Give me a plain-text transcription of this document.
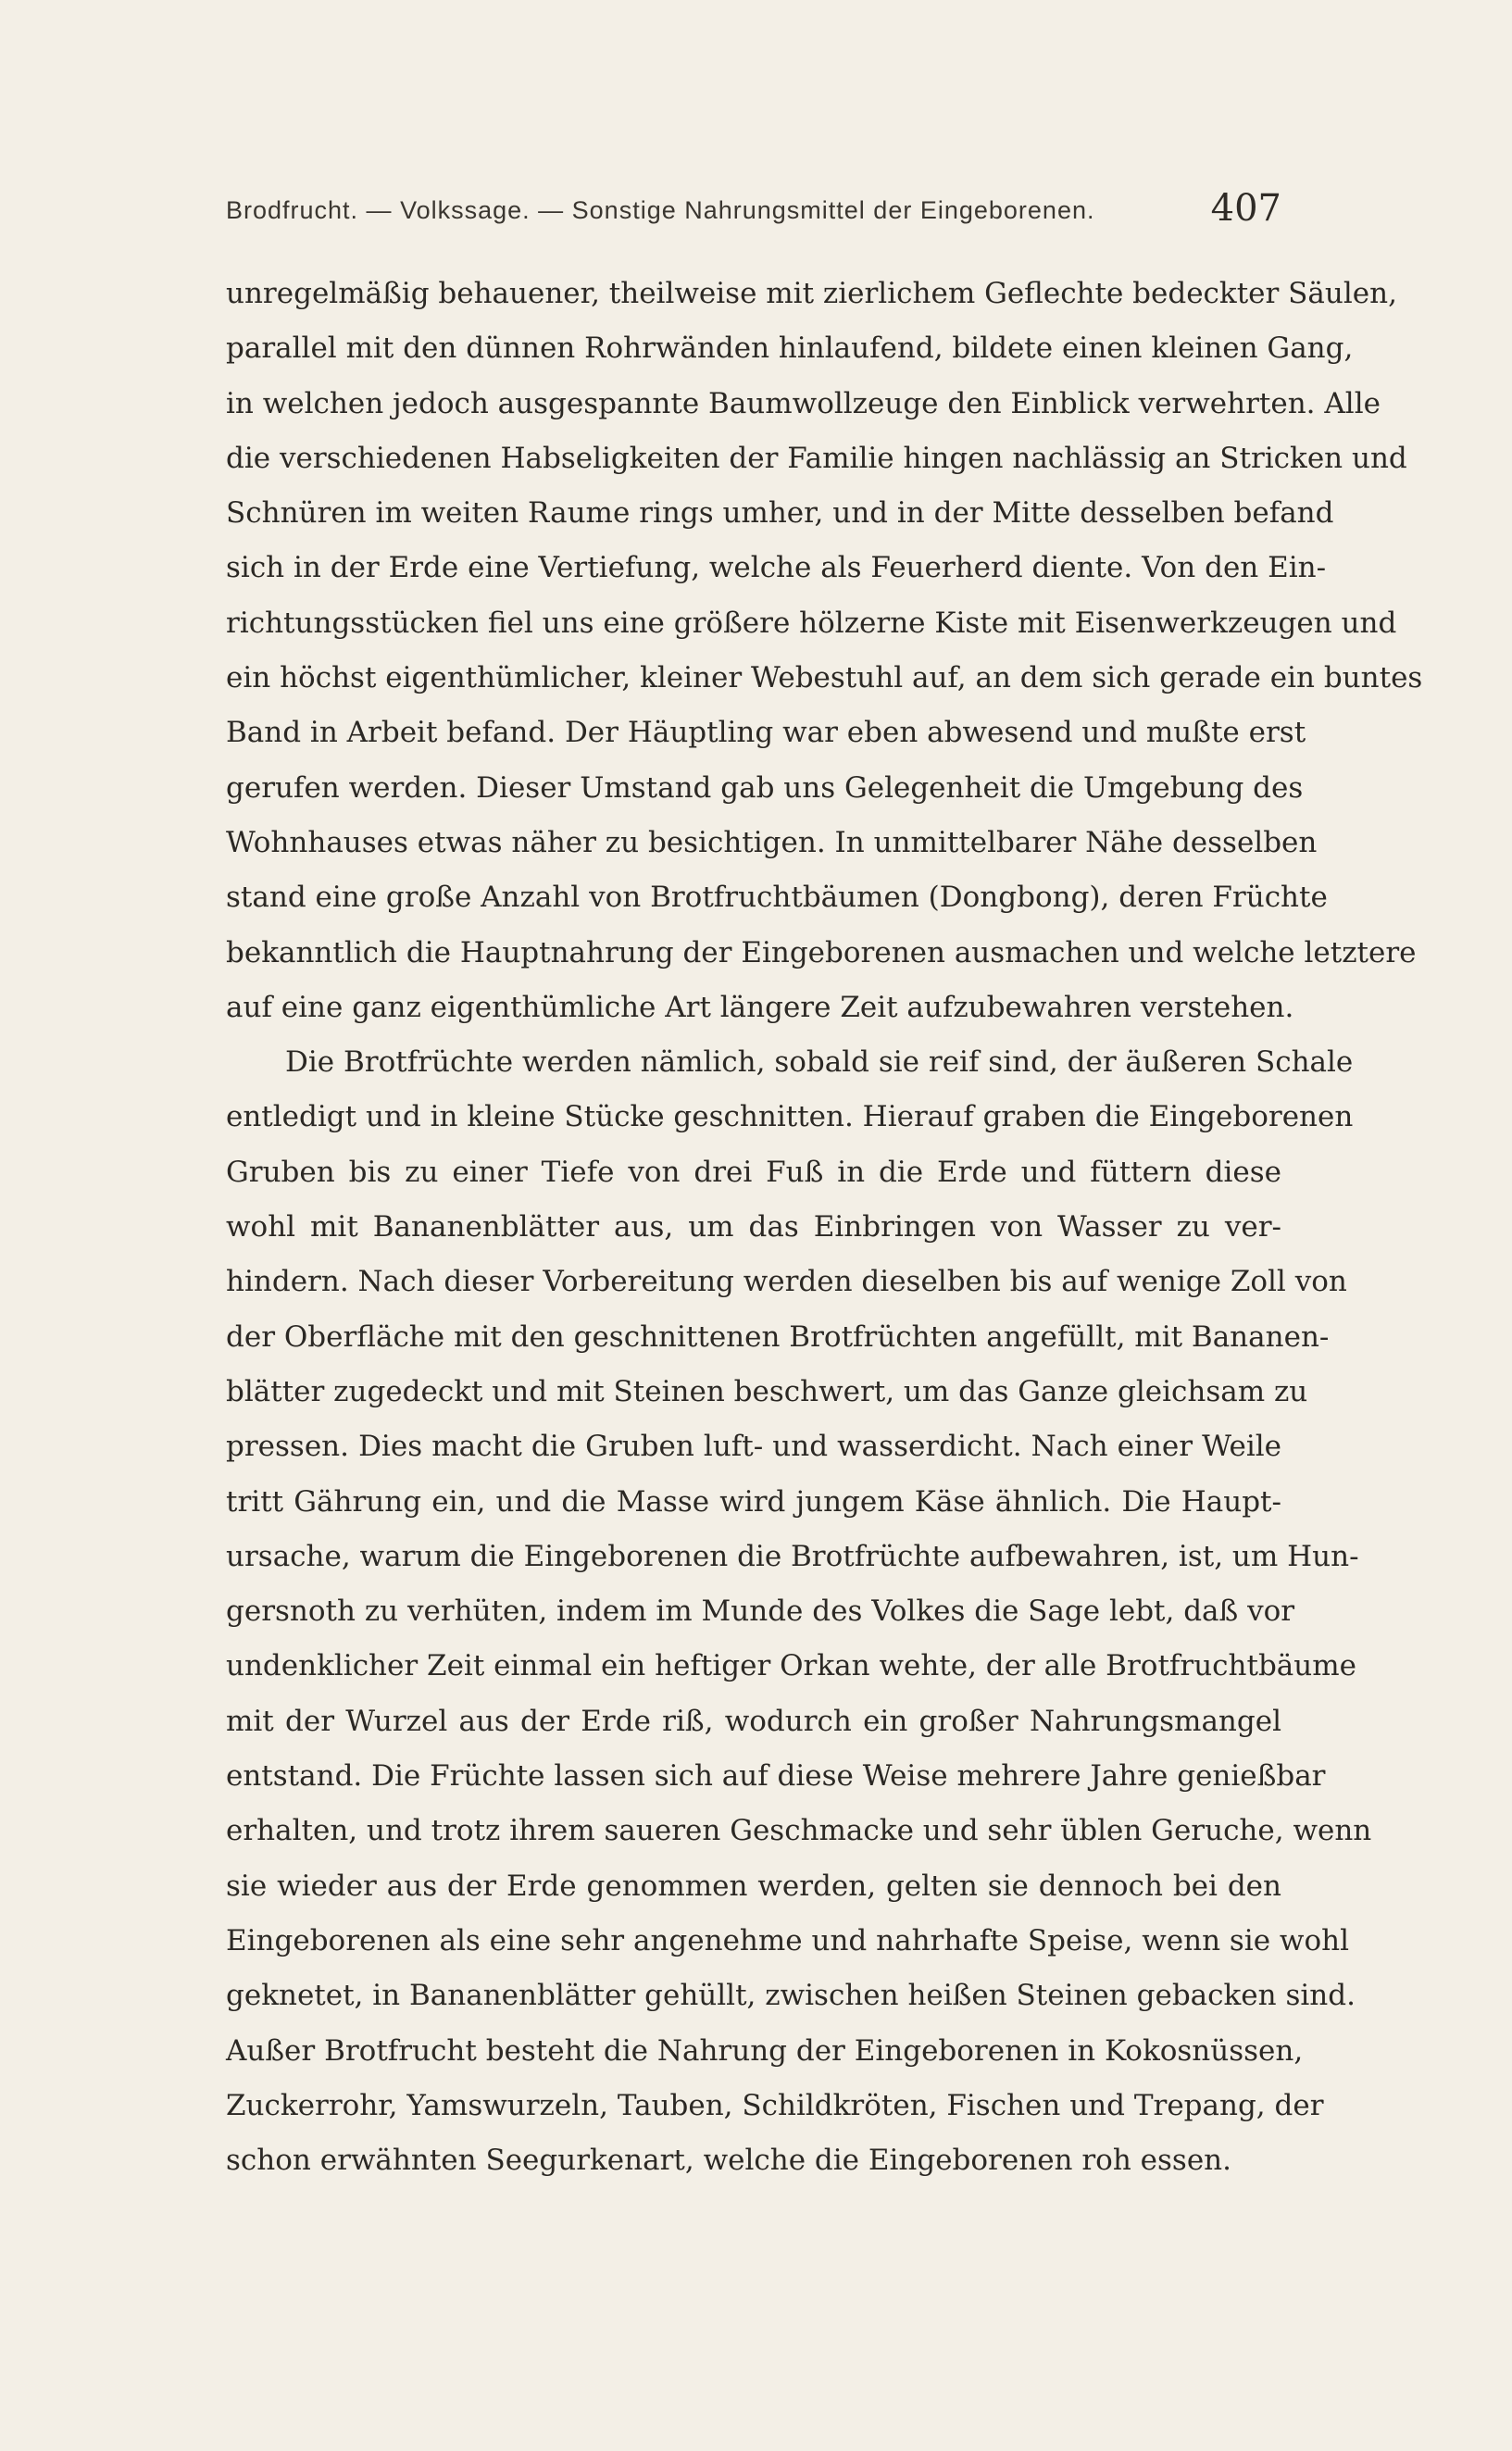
Brodfrucht. — Volkssage. — Sonstige Nahrungsmittel der Eingeborenen.	407
unregelmäßig behauener, theilweise mit zierlichem Geflechte bedeckter Säulen,
parallel mit den dünnen Rohrwänden hinlaufend, bildete einen kleinen Gang,
in welchen jedoch ausgespannte Baumwollzeuge den Einblick verwehrten. Alle
die verschiedenen Habseligkeiten der Familie hingen nachlässig an Stricken und
Schnüren im weiten Raume rings umher, und in der Mitte desselben befand
sich in der Erde eine Vertiefung, welche als Feuerherd diente. Von den Ein-
richtungsstücken fiel uns eine größere hölzerne Kiste mit Eisenwerkzeugen und
ein höchst eigenthümlicher, kleiner Webestuhl auf, an dem sich gerade ein buntes
Band in Arbeit befand. Der Häuptling war eben abwesend und mußte erst
gerufen werden. Dieser Umstand gab uns Gelegenheit die Umgebung des
Wohnhauses etwas näher zu besichtigen. In unmittelbarer Nähe desselben
stand eine große Anzahl von Brotfruchtbäumen (Dongbong), deren Früchte
bekanntlich die Hauptnahrung der Eingeborenen ausmachen und welche letztere
auf eine ganz eigenthümliche Art längere Zeit aufzubewahren verstehen.
Die Brotfrüchte werden nämlich, sobald sie reif sind, der äußeren Schale
entledigt und in kleine Stücke geschnitten. Hierauf graben die Eingeborenen
Gruben bis zu einer Tiefe von drei Fuß in die Erde und füttern diese
wohl mit Bananenblätter aus, um das Einbringen von Wasser zu ver-
hindern. Nach dieser Vorbereitung werden dieselben bis auf wenige Zoll von
der Oberfläche mit den geschnittenen Brotfrüchten angefüllt, mit Bananen-
blätter zugedeckt und mit Steinen beschwert, um das Ganze gleichsam zu
pressen. Dies macht die Gruben luft- und wasserdicht. Nach einer Weile
tritt Gährung ein, und die Masse wird jungem Käse ähnlich. Die Haupt-
ursache, warum die Eingeborenen die Brotfrüchte aufbewahren, ist, um Hun-
gersnoth zu verhüten, indem im Munde des Volkes die Sage lebt, daß vor
undenklicher Zeit einmal ein heftiger Orkan wehte, der alle Brotfruchtbäume
mit der Wurzel aus der Erde riß, wodurch ein großer Nahrungsmangel
entstand. Die Früchte lassen sich auf diese Weise mehrere Jahre genießbar
erhalten, und trotz ihrem saueren Geschmacke und sehr üblen Geruche, wenn
sie wieder aus der Erde genommen werden, gelten sie dennoch bei den
Eingeborenen als eine sehr angenehme und nahrhafte Speise, wenn sie wohl
geknetet, in Bananenblätter gehüllt, zwischen heißen Steinen gebacken sind.
Außer Brotfrucht besteht die Nahrung der Eingeborenen in Kokosnüssen,
Zuckerrohr, Yamswurzeln, Tauben, Schildkröten, Fischen und Trepang, der
schon erwähnten Seegurkenart, welche die Eingeborenen roh essen.
